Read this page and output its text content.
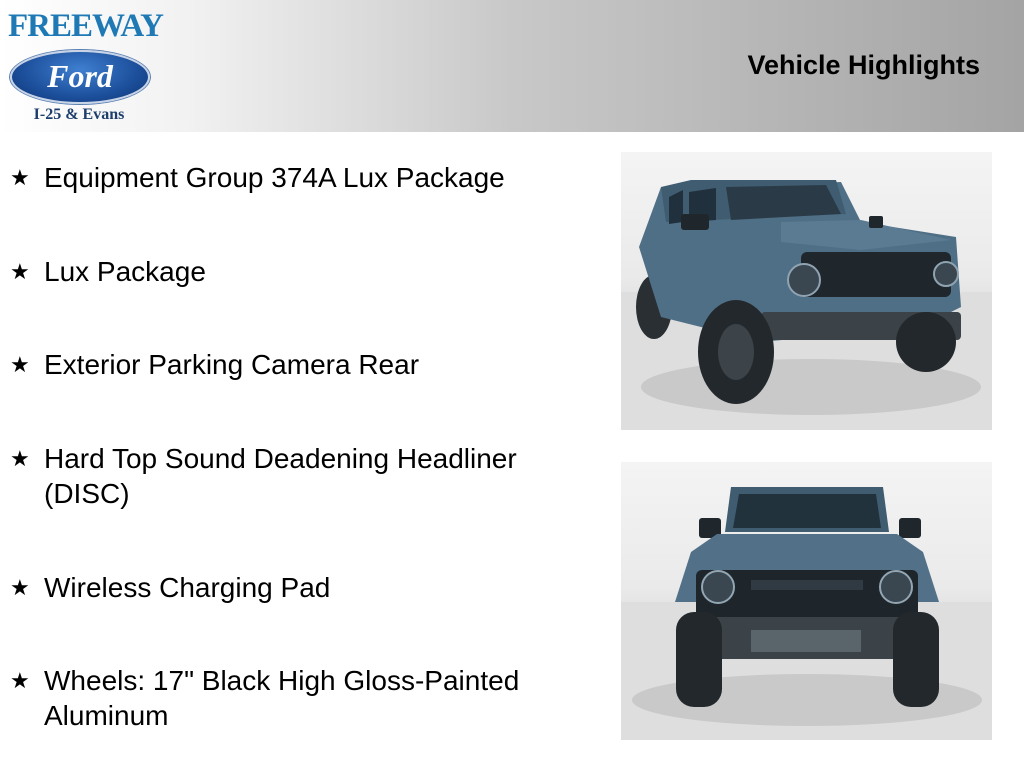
FREEWAY
Ford
I-25 & Evans
Vehicle Highlights
★ Equipment Group 374A Lux Package
★ Lux Package
★ Exterior Parking Camera Rear
★ Hard Top Sound Deadening Headliner (DISC)
★ Wireless Charging Pad
★ Wheels: 17" Black High Gloss-Painted Aluminum
